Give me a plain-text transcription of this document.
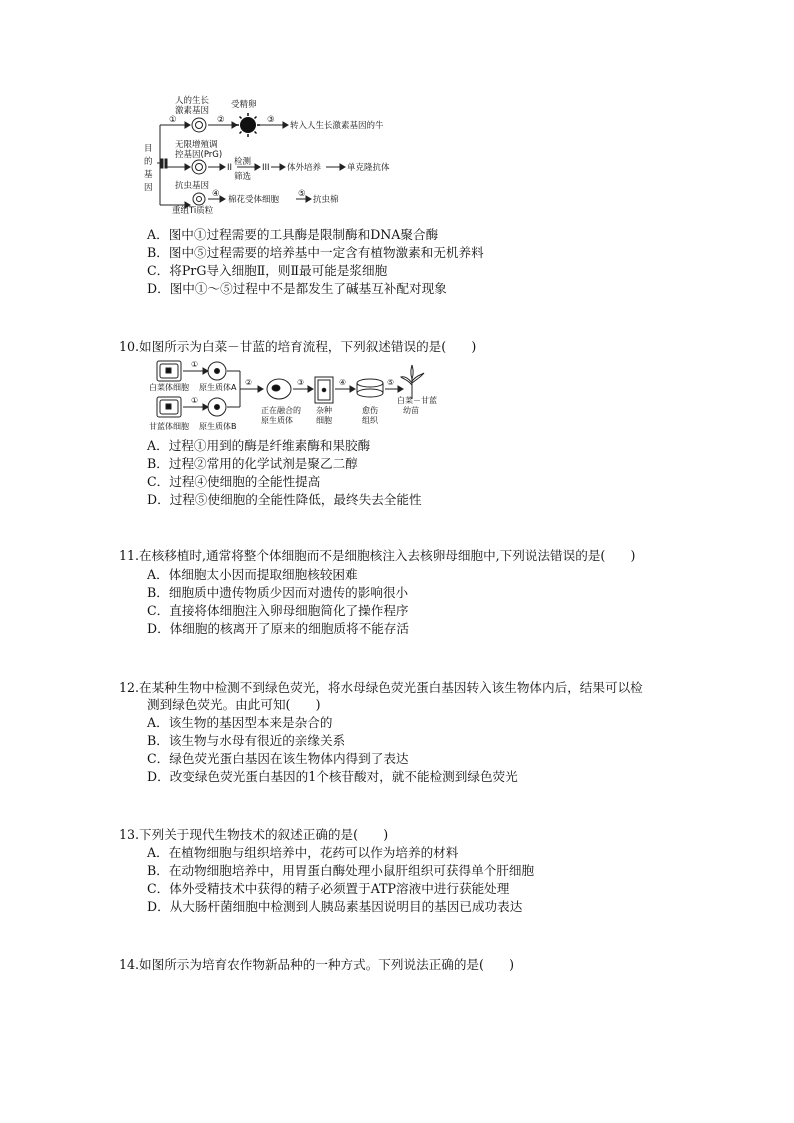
人的生长
激素基因
受精卵
转入人生长激素基因的牛
无限增殖调
控基因(PrG)
II
检测
筛选
III 体外培养	单克隆抗体
抗虫基因
重组Ti质粒
棉花受体细胞	抗虫棉
目
的
基
因
①	②	③
④	⑤
A．图中①过程需要的工具酶是限制酶和DNA聚合酶
B．图中⑤过程需要的培养基中一定含有植物激素和无机养料
C．将PrG导入细胞Ⅱ，则Ⅱ最可能是浆细胞
D．图中①～⑤过程中不是都发生了碱基互补配对现象
10.如图所示为白菜－甘蓝的培育流程，下列叙述错误的是(　　)
白菜体细胞 原生质体A
甘蓝体细胞 原生质体B
正在融合的
原生质体
杂种
细胞
愈伤
组织
白菜－甘蓝
幼苗
①
①
②	③	④	⑤
A．过程①用到的酶是纤维素酶和果胶酶
B．过程②常用的化学试剂是聚乙二醇
C．过程④使细胞的全能性提高
D．过程⑤使细胞的全能性降低，最终失去全能性
11.在核移植时,通常将整个体细胞而不是细胞核注入去核卵母细胞中,下列说法错误的是(　　)
A．体细胞太小因而提取细胞核较困难
B．细胞质中遗传物质少因而对遗传的影响很小
C．直接将体细胞注入卵母细胞简化了操作程序
D．体细胞的核离开了原来的细胞质将不能存活
12.在某种生物中检测不到绿色荧光，将水母绿色荧光蛋白基因转入该生物体内后，结果可以检
测到绿色荧光。由此可知(　　)
A．该生物的基因型本来是杂合的
B．该生物与水母有很近的亲缘关系
C．绿色荧光蛋白基因在该生物体内得到了表达
D．改变绿色荧光蛋白基因的1个核苷酸对，就不能检测到绿色荧光
13.下列关于现代生物技术的叙述正确的是(　　)
A．在植物细胞与组织培养中，花药可以作为培养的材料
B．在动物细胞培养中，用胃蛋白酶处理小鼠肝组织可获得单个肝细胞
C．体外受精技术中获得的精子必须置于ATP溶液中进行获能处理
D．从大肠杆菌细胞中检测到人胰岛素基因说明目的基因已成功表达
14.如图所示为培育农作物新品种的一种方式。下列说法正确的是(　　)
